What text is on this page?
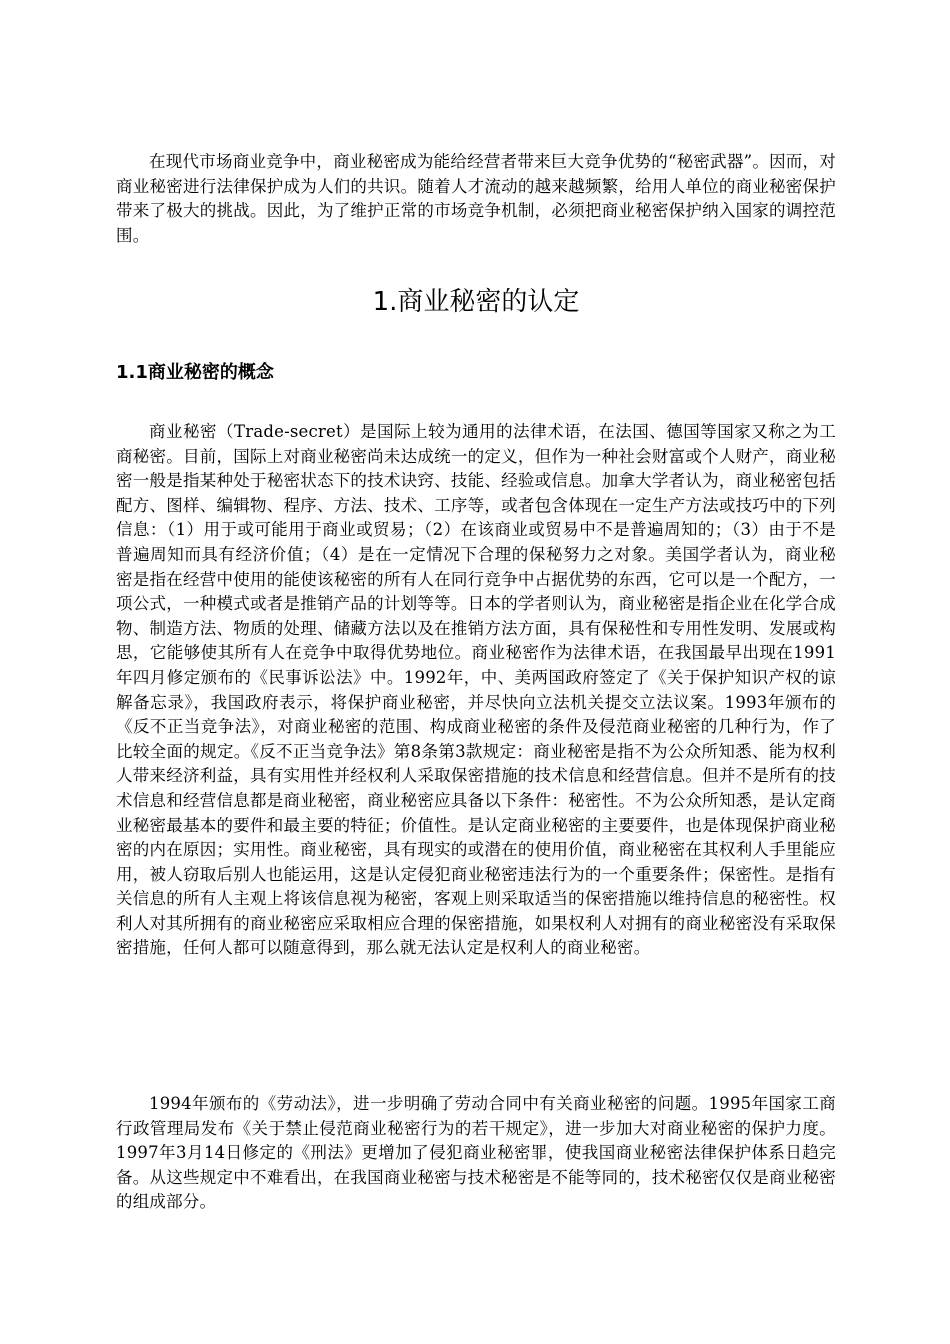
在现代市场商业竞争中，商业秘密成为能给经营者带来巨大竞争优势的“秘密武器”。因而，对商业秘密进行法律保护成为人们的共识。随着人才流动的越来越频繁，给用人单位的商业秘密保护带来了极大的挑战。因此，为了维护正常的市场竞争机制，必须把商业秘密保护纳入国家的调控范围。

1.商业秘密的认定
1.1商业秘密的概念

商业秘密（Trade-secret）是国际上较为通用的法律术语，在法国、德国等国家又称之为工商秘密。目前，国际上对商业秘密尚未达成统一的定义，但作为一种社会财富或个人财产，商业秘密一般是指某种处于秘密状态下的技术诀窍、技能、经验或信息。加拿大学者认为，商业秘密包括配方、图样、编辑物、程序、方法、技术、工序等，或者包含体现在一定生产方法或技巧中的下列信息：（1）用于或可能用于商业或贸易；（2）在该商业或贸易中不是普遍周知的；（3）由于不是普遍周知而具有经济价值；（4）是在一定情况下合理的保秘努力之对象。美国学者认为，商业秘密是指在经营中使用的能使该秘密的所有人在同行竞争中占据优势的东西，它可以是一个配方，一项公式，一种模式或者是推销产品的计划等等。日本的学者则认为，商业秘密是指企业在化学合成物、制造方法、物质的处理、储藏方法以及在推销方法方面，具有保秘性和专用性发明、发展或构思，它能够使其所有人在竞争中取得优势地位。商业秘密作为法律术语，在我国最早出现在1991年四月修定颁布的《民事诉讼法》中。1992年，中、美两国政府签定了《关于保护知识产权的谅解备忘录》，我国政府表示，将保护商业秘密，并尽快向立法机关提交立法议案。1993年颁布的《反不正当竞争法》，对商业秘密的范围、构成商业秘密的条件及侵范商业秘密的几种行为，作了比较全面的规定。《反不正当竞争法》第8条第3款规定：商业秘密是指不为公众所知悉、能为权利人带来经济利益，具有实用性并经权利人采取保密措施的技术信息和经营信息。但并不是所有的技术信息和经营信息都是商业秘密，商业秘密应具备以下条件：秘密性。不为公众所知悉，是认定商业秘密最基本的要件和最主要的特征；价值性。是认定商业秘密的主要要件，也是体现保护商业秘密的内在原因；实用性。商业秘密，具有现实的或潜在的使用价值，商业秘密在其权利人手里能应用，被人窃取后别人也能运用，这是认定侵犯商业秘密违法行为的一个重要条件；保密性。是指有关信息的所有人主观上将该信息视为秘密，客观上则采取适当的保密措施以维持信息的秘密性。权利人对其所拥有的商业秘密应采取相应合理的保密措施，如果权利人对拥有的商业秘密没有采取保密措施，任何人都可以随意得到，那么就无法认定是权利人的商业秘密。

1994年颁布的《劳动法》，进一步明确了劳动合同中有关商业秘密的问题。1995年国家工商行政管理局发布《关于禁止侵范商业秘密行为的若干规定》，进一步加大对商业秘密的保护力度。1997年3月14日修定的《刑法》更增加了侵犯商业秘密罪，使我国商业秘密法律保护体系日趋完备。从这些规定中不难看出，在我国商业秘密与技术秘密是不能等同的，技术秘密仅仅是商业秘密的组成部分。
